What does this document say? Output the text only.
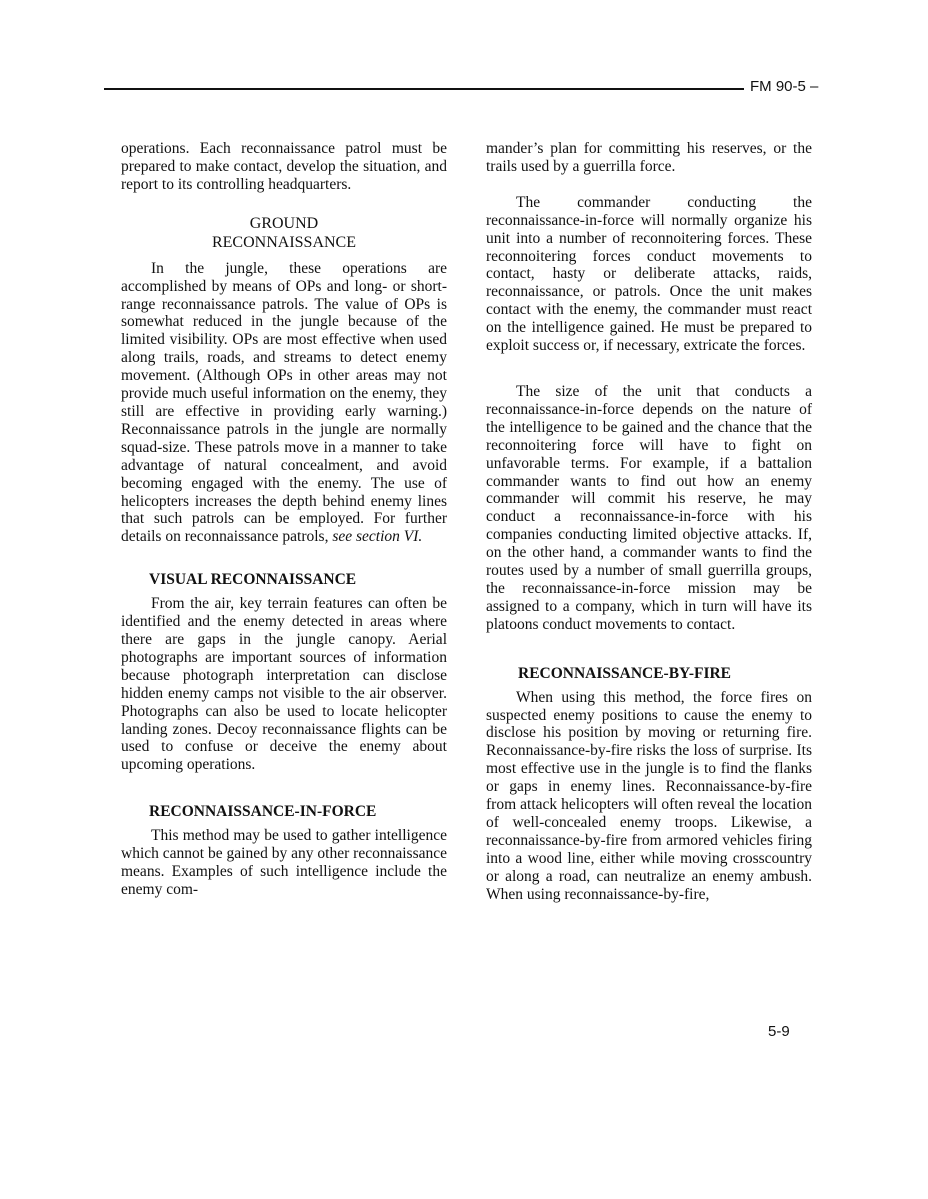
FM 90-5 –

operations. Each reconnaissance patrol must be prepared to make contact, develop the situation, and report to its controlling headquarters.

GROUND
RECONNAISSANCE

In the jungle, these operations are accomplished by means of OPs and long- or short-range reconnaissance patrols. The value of OPs is somewhat reduced in the jungle because of the limited visibility. OPs are most effective when used along trails, roads, and streams to detect enemy movement. (Although OPs in other areas may not provide much useful information on the enemy, they still are effective in providing early warning.) Reconnaissance patrols in the jungle are normally squad-size. These patrols move in a manner to take advantage of natural concealment, and avoid becoming engaged with the enemy. The use of helicopters increases the depth behind enemy lines that such patrols can be employed. For further details on reconnaissance patrols, see section VI.

VISUAL RECONNAISSANCE

From the air, key terrain features can often be identified and the enemy detected in areas where there are gaps in the jungle canopy. Aerial photographs are important sources of information because photograph interpretation can disclose hidden enemy camps not visible to the air observer. Photographs can also be used to locate helicopter landing zones. Decoy reconnaissance flights can be used to confuse or deceive the enemy about upcoming operations.

RECONNAISSANCE-IN-FORCE

This method may be used to gather intelligence which cannot be gained by any other reconnaissance means. Examples of such intelligence include the enemy com-

mander’s plan for committing his reserves, or the trails used by a guerrilla force.

The commander conducting the reconnaissance-in-force will normally organize his unit into a number of reconnoitering forces. These reconnoitering forces conduct movements to contact, hasty or deliberate attacks, raids, reconnaissance, or patrols. Once the unit makes contact with the enemy, the commander must react on the intelligence gained. He must be prepared to exploit success or, if necessary, extricate the forces.

The size of the unit that conducts a reconnaissance-in-force depends on the nature of the intelligence to be gained and the chance that the reconnoitering force will have to fight on unfavorable terms. For example, if a battalion commander wants to find out how an enemy commander will commit his reserve, he may conduct a reconnaissance-in-force with his companies conducting limited objective attacks. If, on the other hand, a commander wants to find the routes used by a number of small guerrilla groups, the reconnaissance-in-force mission may be assigned to a company, which in turn will have its platoons conduct movements to contact.

RECONNAISSANCE-BY-FIRE

When using this method, the force fires on suspected enemy positions to cause the enemy to disclose his position by moving or returning fire. Reconnaissance-by-fire risks the loss of surprise. Its most effective use in the jungle is to find the flanks or gaps in enemy lines. Reconnaissance-by-fire from attack helicopters will often reveal the location of well-concealed enemy troops. Likewise, a reconnaissance-by-fire from armored vehicles firing into a wood line, either while moving crosscountry or along a road, can neutralize an enemy ambush. When using reconnaissance-by-fire,

5-9
